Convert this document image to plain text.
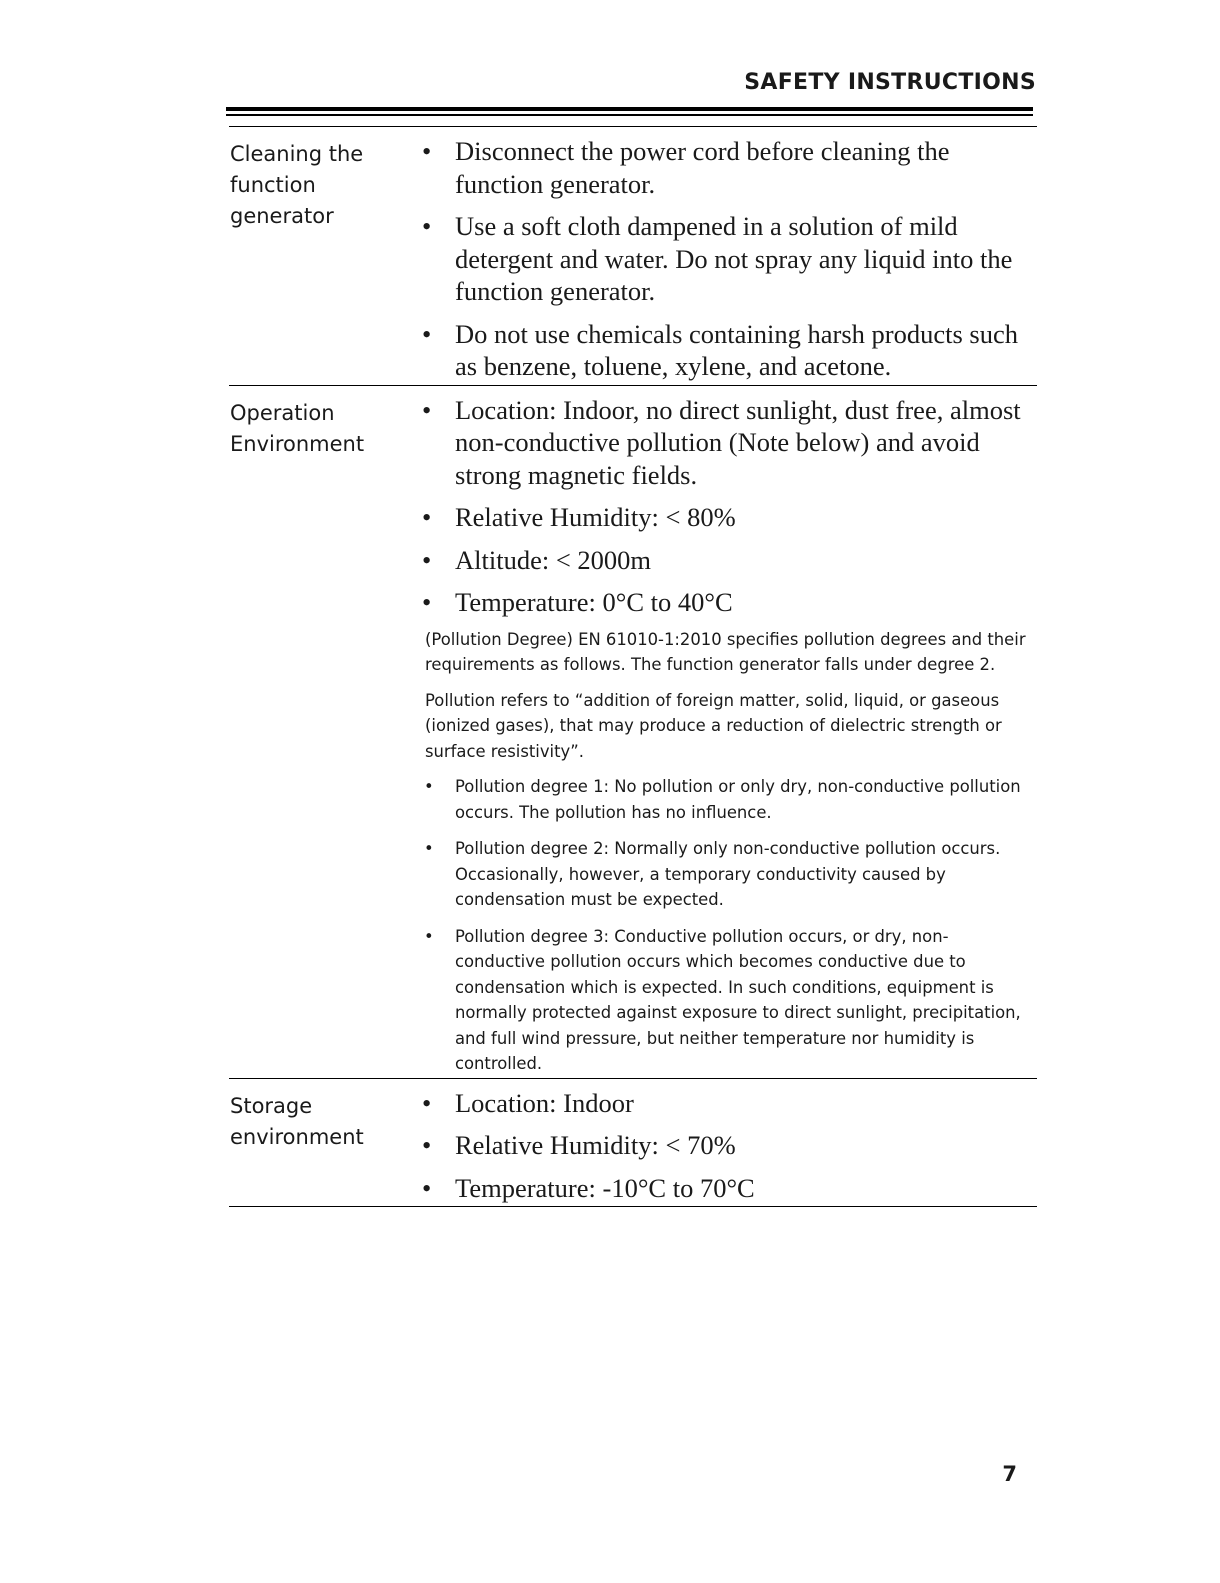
SAFETY INSTRUCTIONS
Cleaning the function generator
• Disconnect the power cord before cleaning the function generator.
• Use a soft cloth dampened in a solution of mild detergent and water. Do not spray any liquid into the function generator.
• Do not use chemicals containing harsh products such as benzene, toluene, xylene, and acetone.
Operation Environment
• Location: Indoor, no direct sunlight, dust free, almost non-conductive pollution (Note below) and avoid strong magnetic fields.
• Relative Humidity: < 80%
• Altitude: < 2000m
• Temperature: 0°C to 40°C

(Pollution Degree) EN 61010-1:2010 specifies pollution degrees and their requirements as follows. The function generator falls under degree 2.

Pollution refers to “addition of foreign matter, solid, liquid, or gaseous (ionized gases), that may produce a reduction of dielectric strength or surface resistivity”.

• Pollution degree 1: No pollution or only dry, non-conductive pollution occurs. The pollution has no influence.
• Pollution degree 2: Normally only non-conductive pollution occurs. Occasionally, however, a temporary conductivity caused by condensation must be expected.
• Pollution degree 3: Conductive pollution occurs, or dry, non-conductive pollution occurs which becomes conductive due to condensation which is expected. In such conditions, equipment is normally protected against exposure to direct sunlight, precipitation, and full wind pressure, but neither temperature nor humidity is controlled.
Storage environment
• Location: Indoor
• Relative Humidity: < 70%
• Temperature: -10°C to 70°C
7
